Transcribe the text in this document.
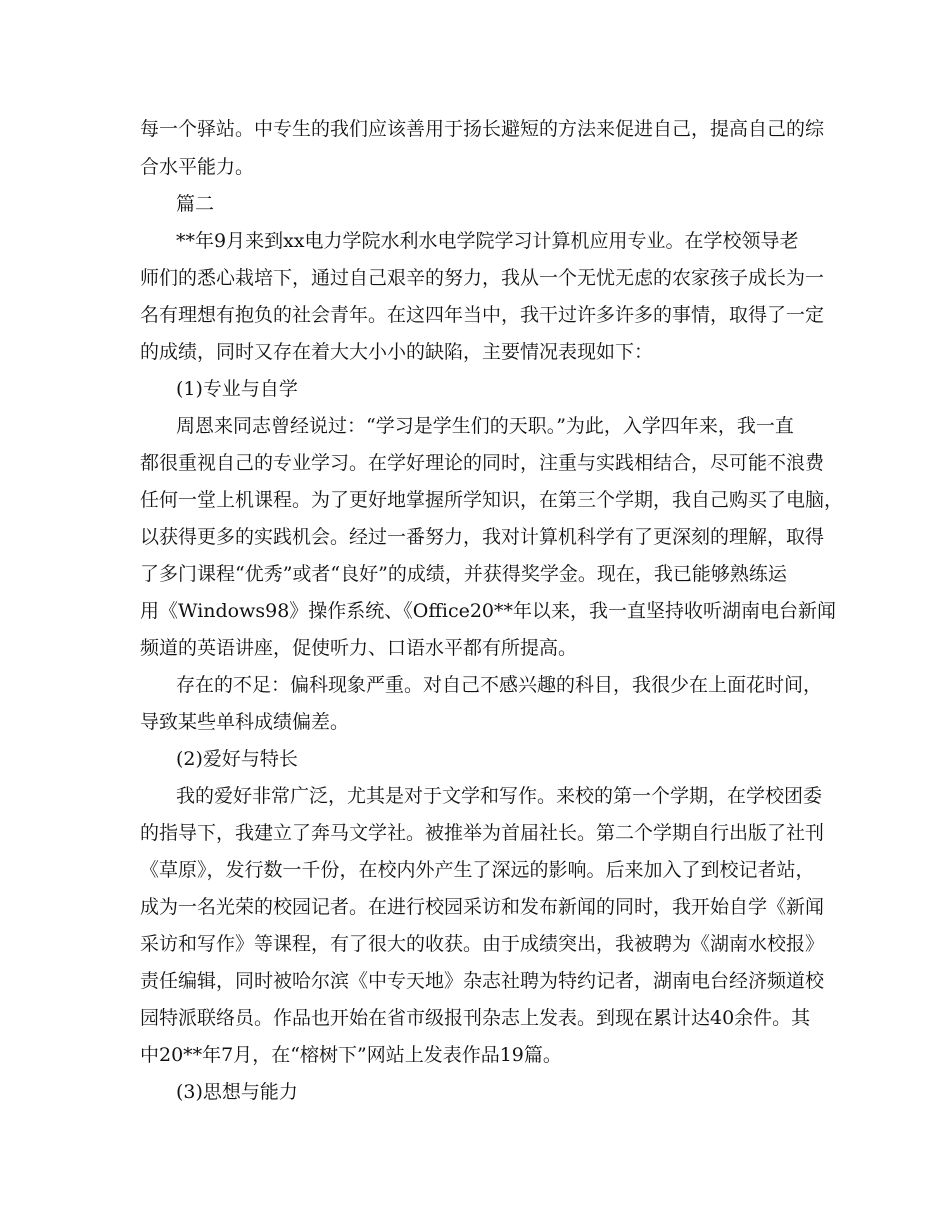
每一个驿站。中专生的我们应该善用于扬长避短的方法来促进自己，提高自己的综
合水平能力。
篇二
**年9月来到xx电力学院水利水电学院学习计算机应用专业。在学校领导老
师们的悉心栽培下，通过自己艰辛的努力，我从一个无忧无虑的农家孩子成长为一
名有理想有抱负的社会青年。在这四年当中，我干过许多许多的事情，取得了一定
的成绩，同时又存在着大大小小的缺陷，主要情况表现如下：
(1)专业与自学
周恩来同志曾经说过：“学习是学生们的天职。”为此，入学四年来，我一直
都很重视自己的专业学习。在学好理论的同时，注重与实践相结合，尽可能不浪费
任何一堂上机课程。为了更好地掌握所学知识，在第三个学期，我自己购买了电脑，
以获得更多的实践机会。经过一番努力，我对计算机科学有了更深刻的理解，取得
了多门课程“优秀”或者“良好”的成绩，并获得奖学金。现在，我已能够熟练运
用《Windows98》操作系统、《Office20**年以来，我一直坚持收听湖南电台新闻
频道的英语讲座，促使听力、口语水平都有所提高。
存在的不足：偏科现象严重。对自己不感兴趣的科目，我很少在上面花时间，
导致某些单科成绩偏差。
(2)爱好与特长
我的爱好非常广泛，尤其是对于文学和写作。来校的第一个学期，在学校团委
的指导下，我建立了奔马文学社。被推举为首届社长。第二个学期自行出版了社刊
《草原》，发行数一千份，在校内外产生了深远的影响。后来加入了到校记者站，
成为一名光荣的校园记者。在进行校园采访和发布新闻的同时，我开始自学《新闻
采访和写作》等课程，有了很大的收获。由于成绩突出，我被聘为《湖南水校报》
责任编辑，同时被哈尔滨《中专天地》杂志社聘为特约记者，湖南电台经济频道校
园特派联络员。作品也开始在省市级报刊杂志上发表。到现在累计达40余件。其
中20**年7月，在“榕树下”网站上发表作品19篇。
(3)思想与能力
